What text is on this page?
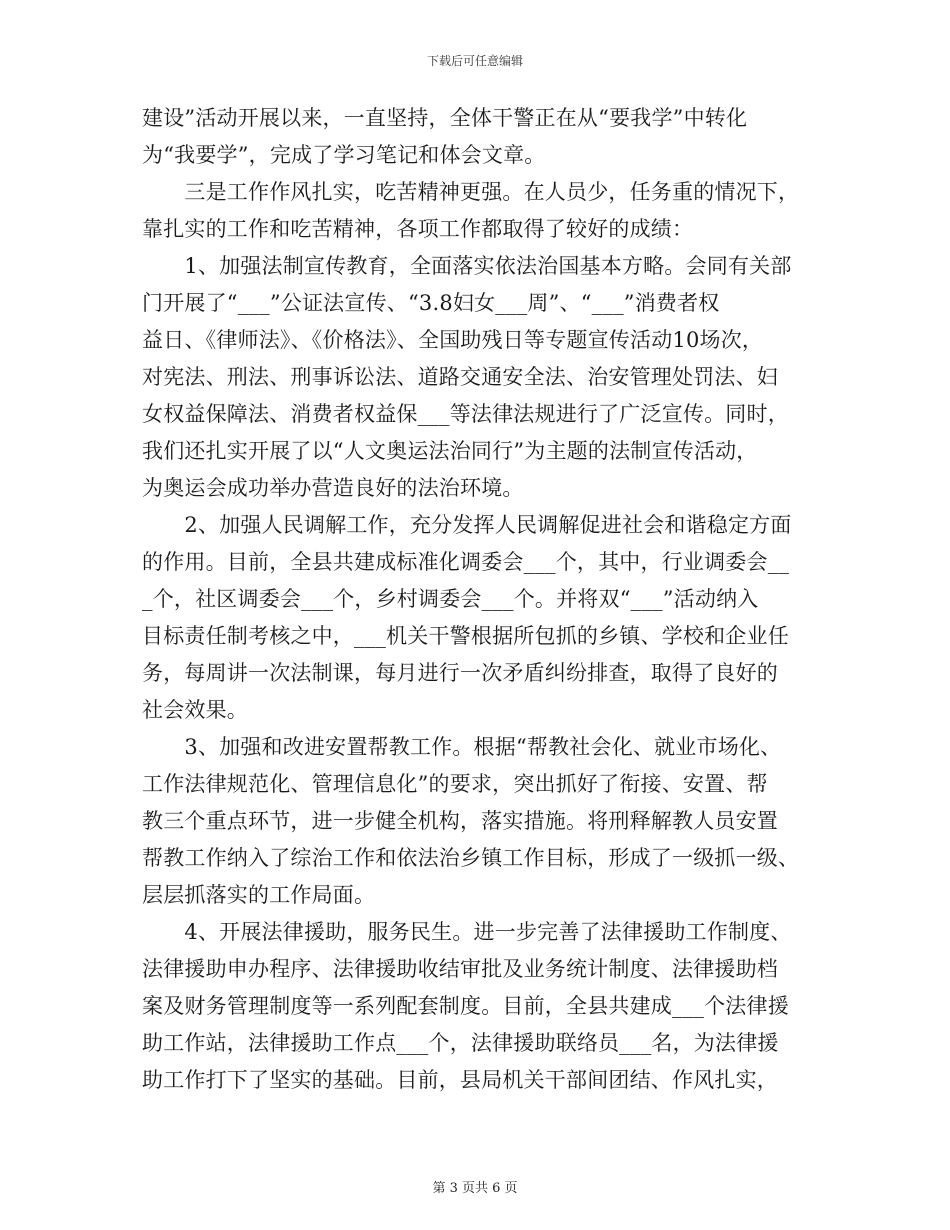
下载后可任意编辑
建设”活动开展以来，一直坚持，全体干警正在从“要我学”中转化
为“我要学”，完成了学习笔记和体会文章。
　　三是工作作风扎实，吃苦精神更强。在人员少，任务重的情况下，
靠扎实的工作和吃苦精神，各项工作都取得了较好的成绩：
　　1、加强法制宣传教育，全面落实依法治国基本方略。会同有关部
门开展了“___”公证法宣传、“3.8妇女___周”、“___”消费者权
益日、《律师法》、《价格法》、全国助残日等专题宣传活动10场次，
对宪法、刑法、刑事诉讼法、道路交通安全法、治安管理处罚法、妇
女权益保障法、消费者权益保___等法律法规进行了广泛宣传。同时，
我们还扎实开展了以“人文奥运法治同行”为主题的法制宣传活动，
为奥运会成功举办营造良好的法治环境。
　　2、加强人民调解工作，充分发挥人民调解促进社会和谐稳定方面
的作用。目前，全县共建成标准化调委会___个，其中，行业调委会__
_个，社区调委会___个，乡村调委会___个。并将双“___”活动纳入
目标责任制考核之中，___机关干警根据所包抓的乡镇、学校和企业任
务，每周讲一次法制课，每月进行一次矛盾纠纷排查，取得了良好的
社会效果。
　　3、加强和改进安置帮教工作。根据“帮教社会化、就业市场化、
工作法律规范化、管理信息化”的要求，突出抓好了衔接、安置、帮
教三个重点环节，进一步健全机构，落实措施。将刑释解教人员安置
帮教工作纳入了综治工作和依法治乡镇工作目标，形成了一级抓一级、
层层抓落实的工作局面。
　　4、开展法律援助，服务民生。进一步完善了法律援助工作制度、
法律援助申办程序、法律援助收结审批及业务统计制度、法律援助档
案及财务管理制度等一系列配套制度。目前，全县共建成___个法律援
助工作站，法律援助工作点___个，法律援助联络员___名，为法律援
助工作打下了坚实的基础。目前，县局机关干部间团结、作风扎实，
第 3 页共 6 页
